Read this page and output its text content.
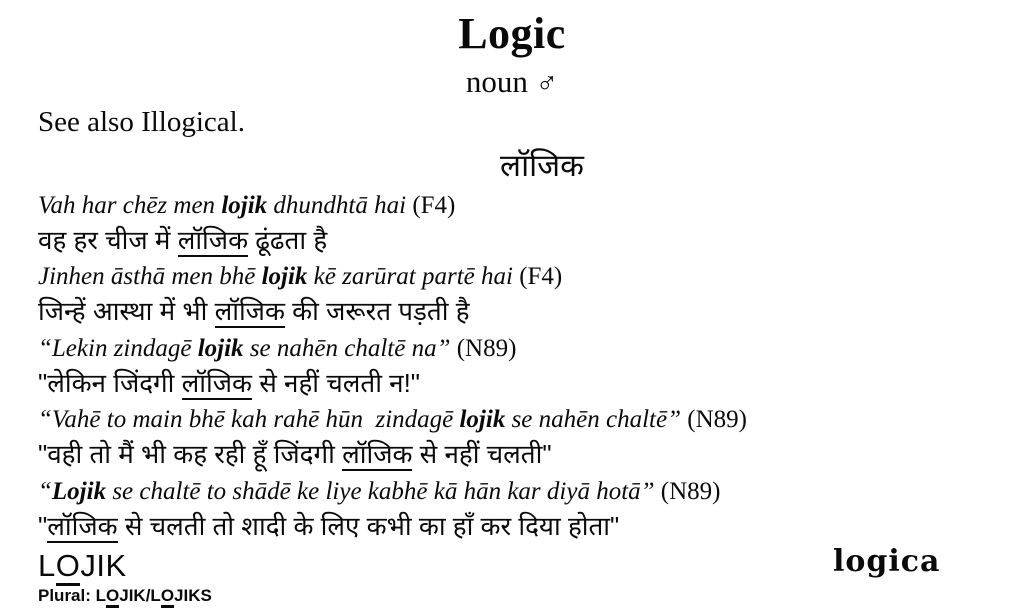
Logic
noun ♂
See also Illogical.
लॉजिक
Vah har chēz men lojik dhundhtā hai (F4)
वह हर चीज में लॉजिक ढूंढता है
Jinhen āsthā men bhē lojik kē zarūrat partē hai (F4)
जिन्हें आस्था में भी लॉजिक की जरूरत पड़ती है
“Lekin zindagē lojik se nahēn chaltē na” (N89)
"लेकिन जिंदगी लॉजिक से नहीं चलती न!"
“Vahē to main bhē kah rahē hūn  zindagē lojik se nahēn chaltē” (N89)
"वही तो मैं भी कह रही हूँ जिंदगी लॉजिक से नहीं चलती"
“Lojik se chaltē to shādē ke liye kabhē kā hān kar diyā hotā” (N89)
"लॉजिक से चलती तो शादी के लिए कभी का हाँ कर दिया होता"
LOJIK
Plural: LOJIK/LOJIKS
logica
